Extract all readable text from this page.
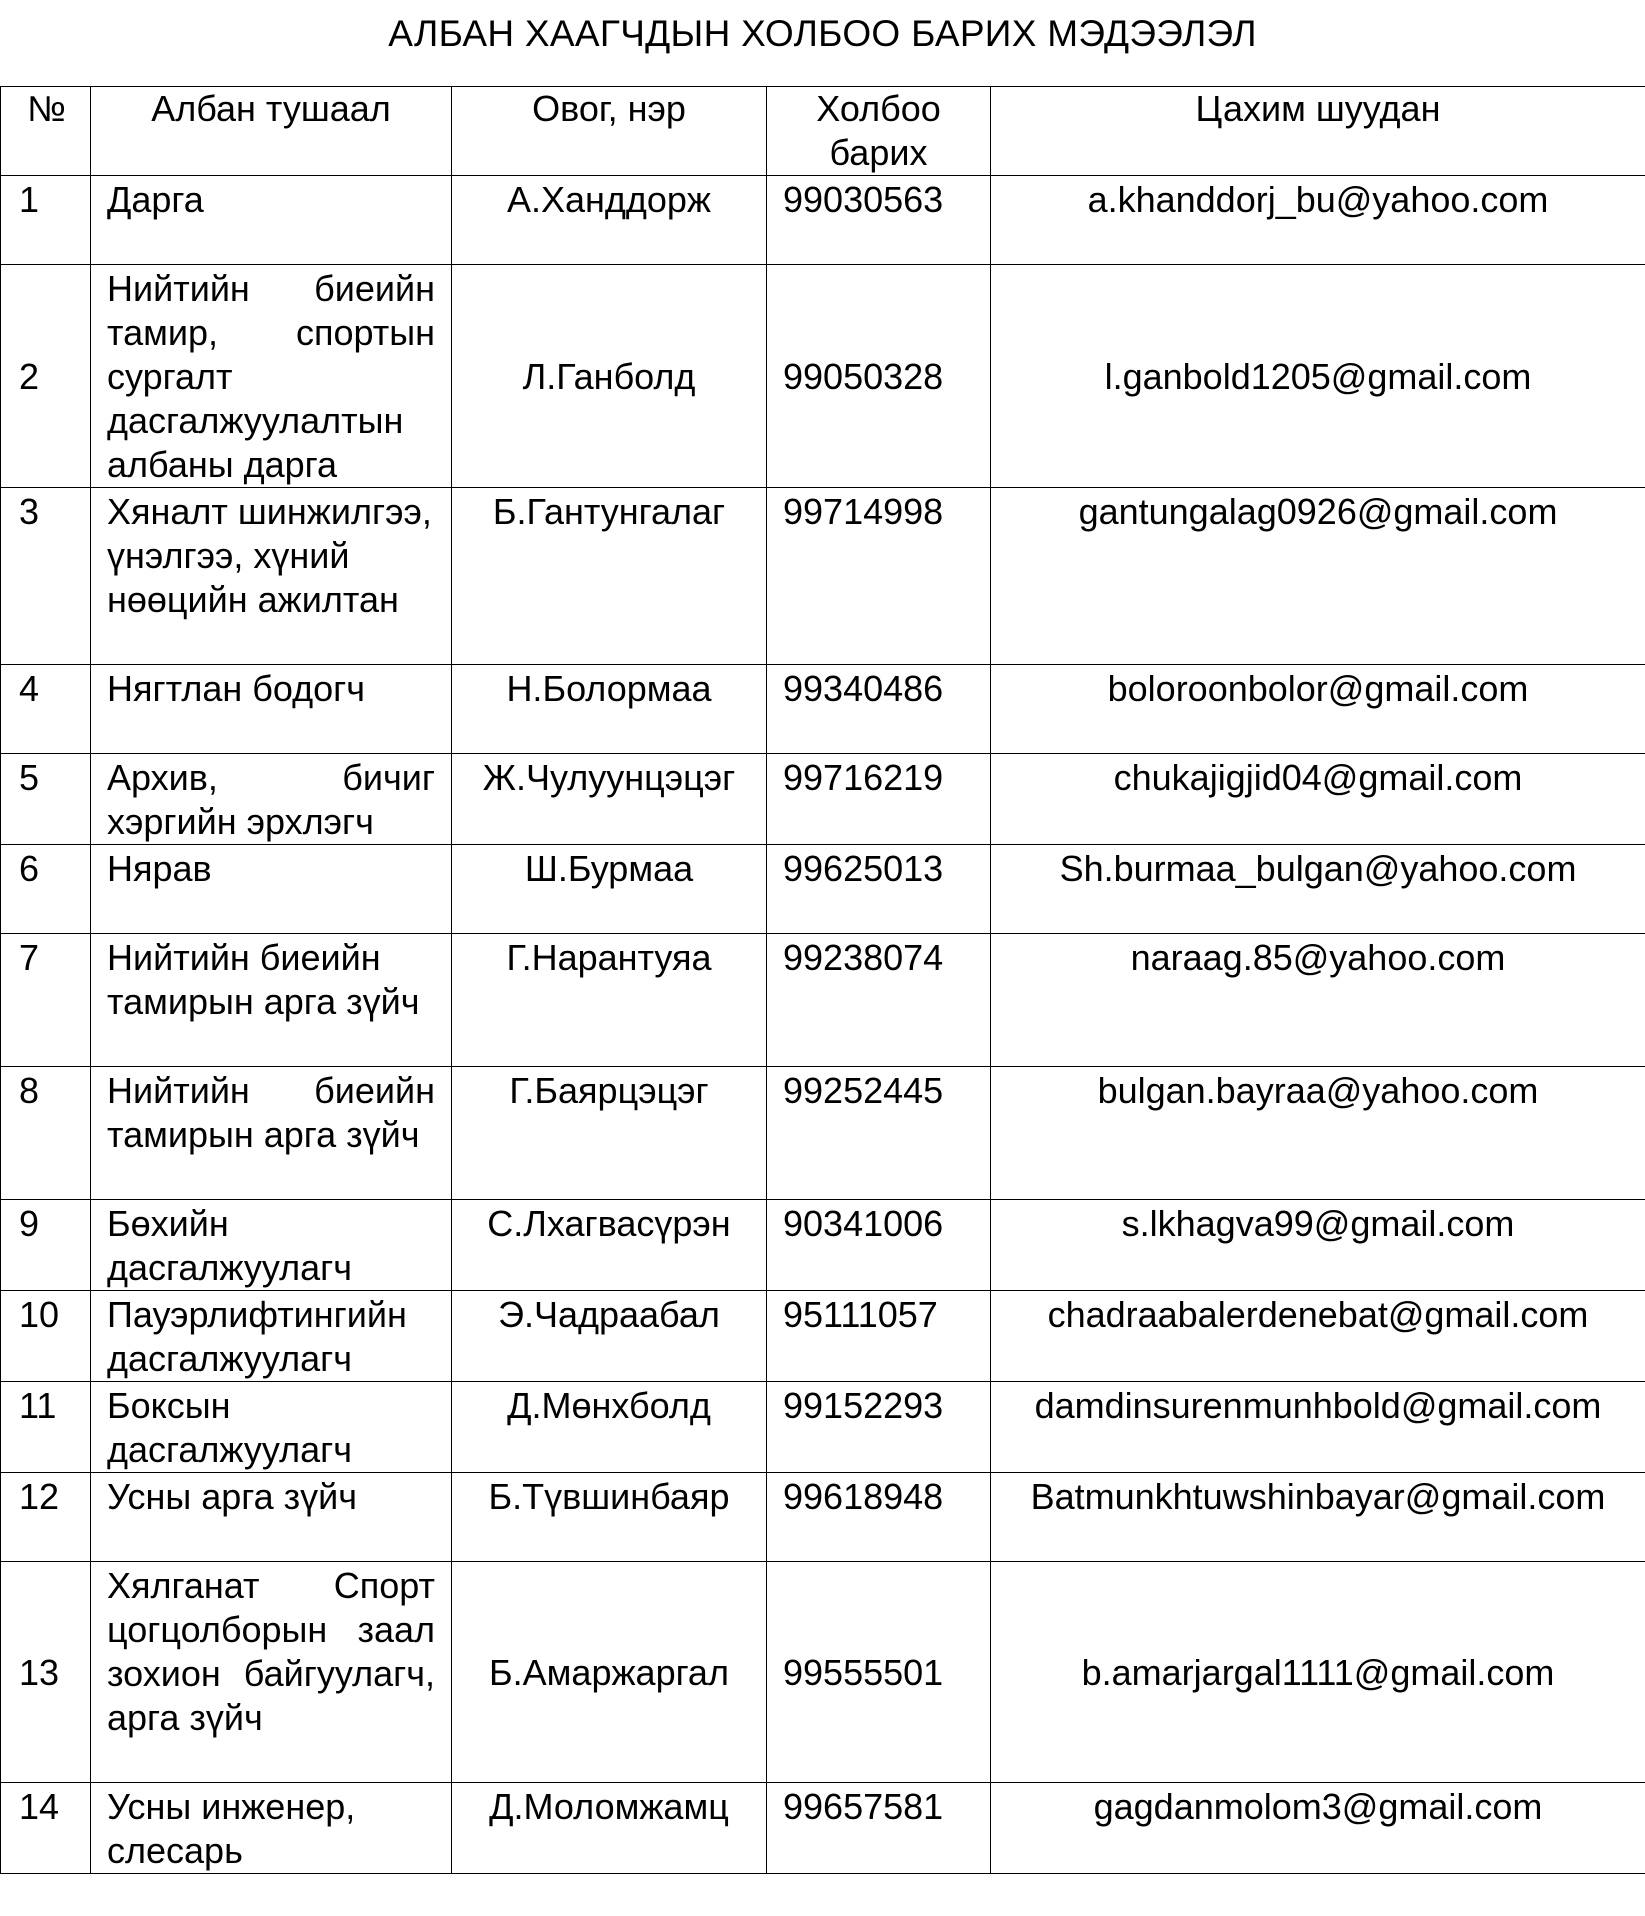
АЛБАН ХААГЧДЫН ХОЛБОО БАРИХ МЭДЭЭЛЭЛ
№	Албан тушаал	Овог, нэр	Холбоо барих	Цахим шуудан
1	Дарга	А.Ханддорж	99030563	a.khanddorj_bu@yahoo.com
2	Нийтийн биеийн тамир, спортын сургалт дасгалжуулалтын албаны дарга	Л.Ганболд	99050328	l.ganbold1205@gmail.com
3	Хяналт шинжилгээ, үнэлгээ, хүний нөөцийн ажилтан	Б.Гантунгалаг	99714998	gantungalag0926@gmail.com
4	Нягтлан бодогч	Н.Болормаа	99340486	boloroonbolor@gmail.com
5	Архив, бичиг хэргийн эрхлэгч	Ж.Чулуунцэцэг	99716219	chukajigjid04@gmail.com
6	Нярав	Ш.Бурмаа	99625013	Sh.burmaa_bulgan@yahoo.com
7	Нийтийн биеийн тамирын арга зүйч	Г.Нарантуяа	99238074	naraag.85@yahoo.com
8	Нийтийн биеийн тамирын арга зүйч	Г.Баярцэцэг	99252445	bulgan.bayraa@yahoo.com
9	Бөхийн дасгалжуулагч	С.Лхагвасүрэн	90341006	s.lkhagva99@gmail.com
10	Пауэрлифтингийн дасгалжуулагч	Э.Чадраабал	95111057	chadraabalerdenebat@gmail.com
11	Боксын дасгалжуулагч	Д.Мөнхболд	99152293	damdinsurenmunhbold@gmail.com
12	Усны арга зүйч	Б.Түвшинбаяр	99618948	Batmunkhtuwshinbayar@gmail.com
13	Хялганат Спорт цогцолборын заал зохион байгуулагч, арга зүйч	Б.Амаржаргал	99555501	b.amarjargal1111@gmail.com
14	Усны инженер, слесарь	Д.Моломжамц	99657581	gagdanmolom3@gmail.com
